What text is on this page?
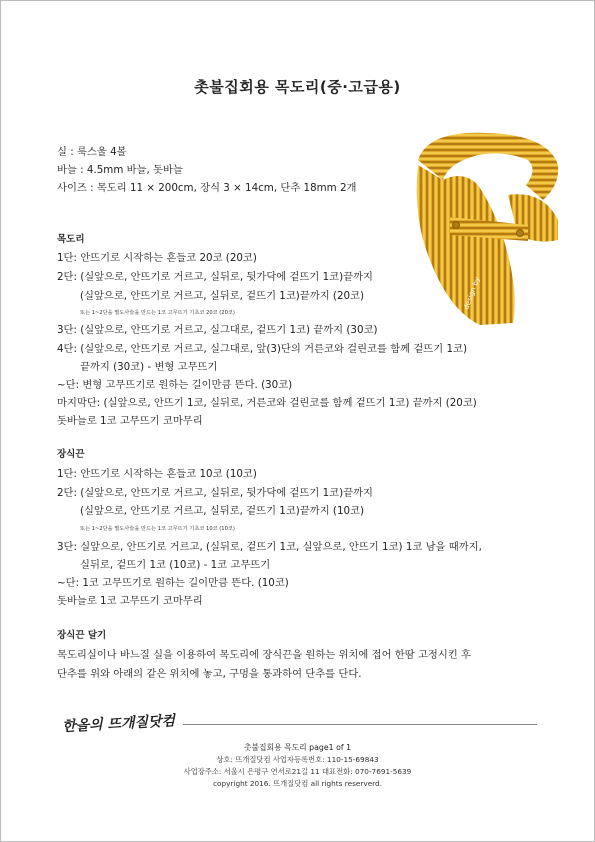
촛불집회용 목도리(중·고급용)
실 : 룩스울 4볼
바늘 : 4.5mm 바늘, 돗바늘
사이즈 : 목도리 11 × 200cm, 장식 3 × 14cm, 단추 18mm 2개
design by
한올
목도리
1단: 안뜨기로 시작하는 흔들코 20코 (20코)
2단: (실앞으로, 안뜨기로 거르고, 실뒤로, 뒷가닥에 겉뜨기 1코)끝까지
(실앞으로, 안뜨기로 거르고, 실뒤로, 겉뜨기 1코)끝까지 (20코)
또는 1~2단을 별도사슬을 만드는 1코 고무뜨기 기초코 20코 (20코)
3단: (실앞으로, 안뜨기로 거르고, 실그대로, 겉뜨기 1코) 끝까지 (30코)
4단: (실앞으로, 안뜨기로 거르고, 실그대로, 앞(3)단의 거른코와 걸린코를 함께 겉뜨기 1코)
끝까지 (30코) - 변형 고무뜨기
~단: 변형 고무뜨기로 원하는 길이만큼 뜬다. (30코)
마지막단: (실앞으로, 안뜨기 1코, 실뒤로, 거른코와 걸린코를 함께 겉뜨기 1코) 끝까지 (20코)
돗바늘로 1코 고무뜨기 코마무리
장식끈
1단: 안뜨기로 시작하는 흔들코 10코 (10코)
2단: (실앞으로, 안뜨기로 거르고, 실뒤로, 뒷가닥에 겉뜨기 1코)끝까지
(실앞으로, 안뜨기로 거르고, 실뒤로, 겉뜨기 1코)끝까지 (10코)
또는 1~2단을 별도사슬을 만드는 1코 고무뜨기 기초코 10코 (10코)
3단: 실앞으로, 안뜨기로 거르고, (실뒤로, 겉뜨기 1코, 실앞으로, 안뜨기 1코) 1코 남을 때까지,
실뒤로, 겉뜨기 1코 (10코) - 1코 고무뜨기
~단: 1코 고무뜨기로 원하는 길이만큼 뜬다. (10코)
돗바늘로 1코 고무뜨기 코마무리
장식끈 달기
목도리실이나 바느질 실을 이용하여 목도리에 장식끈을 원하는 위치에 접어 한땀 고정시킨 후
단추를 위와 아래의 같은 위치에 놓고, 구멍을 통과하여 단추를 단다.
한올의 뜨개질닷컴
촛불집회용 목도리 page1 of 1
상호: 뜨개질닷컴 사업자등록번호: 110-15-69843
사업장주소: 서울시 은평구 연서로21길 11 대표전화: 070-7691-5639
copyright 2016. 뜨개질닷컴 all rights reserverd.
